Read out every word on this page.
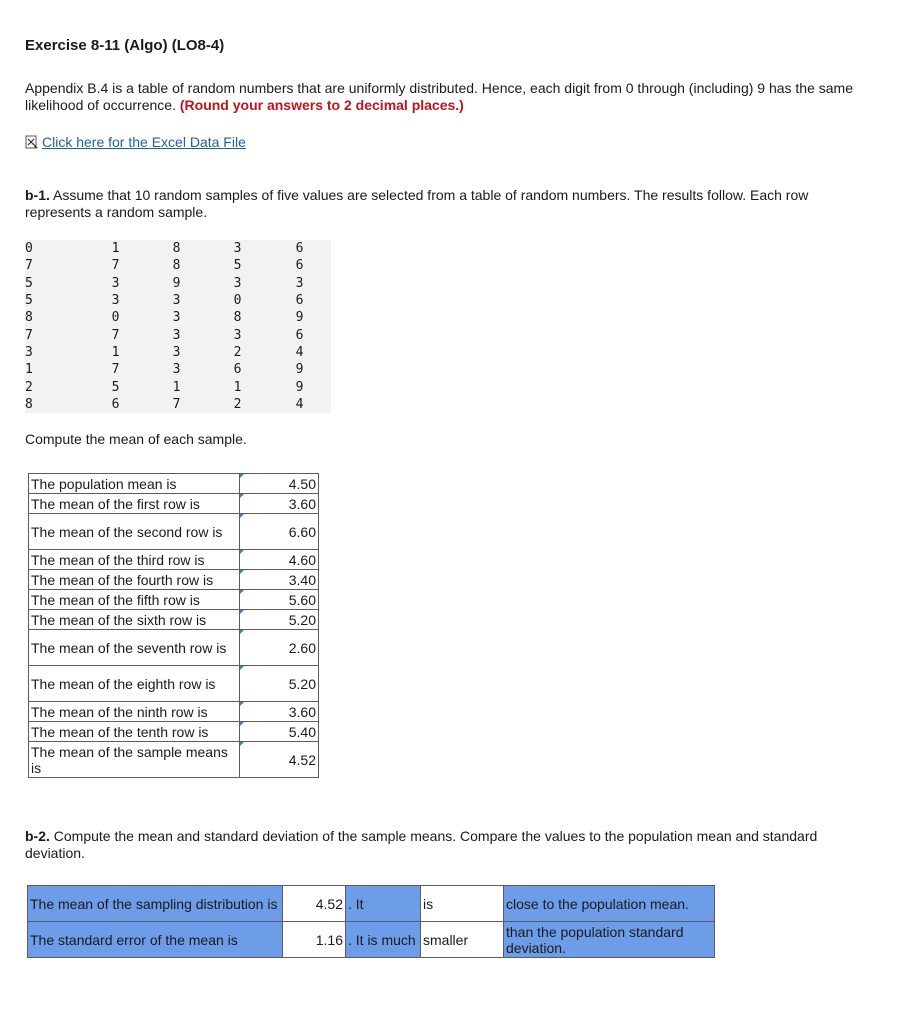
Exercise 8-11 (Algo) (LO8-4)
Appendix B.4 is a table of random numbers that are uniformly distributed. Hence, each digit from 0 through (including) 9 has the same likelihood of occurrence. (Round your answers to 2 decimal places.)
Click here for the Excel Data File
b-1. Assume that 10 random samples of five values are selected from a table of random numbers. The results follow. Each row represents a random sample.
0	1	8	3	6
7	7	8	5	6
5	3	9	3	3
5	3	3	0	6
8	0	3	8	9
7	7	3	3	6
3	1	3	2	4
1	7	3	6	9
2	5	1	1	9
8	6	7	2	4
Compute the mean of each sample.
The population mean is	4.50
The mean of the first row is	3.60
The mean of the second row is	6.60
The mean of the third row is	4.60
The mean of the fourth row is	3.40
The mean of the fifth row is	5.60
The mean of the sixth row is	5.20
The mean of the seventh row is	2.60
The mean of the eighth row is	5.20
The mean of the ninth row is	3.60
The mean of the tenth row is	5.40
The mean of the sample means is	4.52
b-2. Compute the mean and standard deviation of the sample means. Compare the values to the population mean and standard deviation.
The mean of the sampling distribution is	4.52	. It	is	close to the population mean.
The standard error of the mean is	1.16	. It is much	smaller	than the population standard deviation.
